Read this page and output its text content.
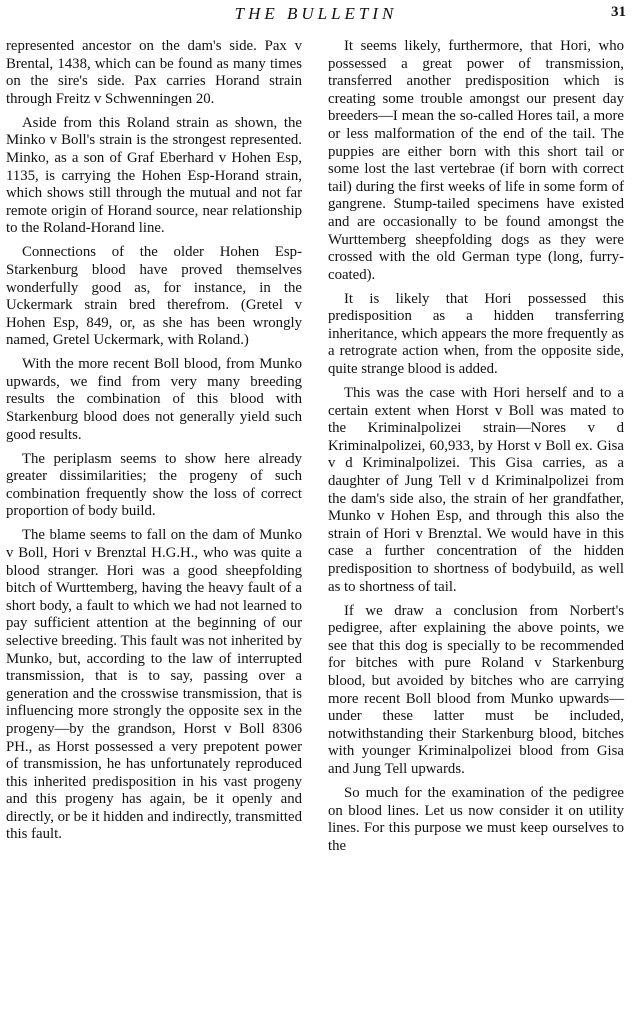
THE BULLETIN	31

represented ancestor on the dam's side. Pax v Brental, 1438, which can be found as many times on the sire's side. Pax carries Horand strain through Freitz v Schwenningen 20.

Aside from this Roland strain as shown, the Minko v Boll's strain is the strongest represented. Minko, as a son of Graf Eberhard v Hohen Esp, 1135, is carrying the Hohen Esp-Horand strain, which shows still through the mutual and not far remote origin of Horand source, near relationship to the Roland-Horand line.

Connections of the older Hohen Esp-Starkenburg blood have proved themselves wonderfully good as, for instance, in the Uckermark strain bred therefrom. (Gretel v Hohen Esp, 849, or, as she has been wrongly named, Gretel Uckermark, with Roland.)

With the more recent Boll blood, from Munko upwards, we find from very many breeding results the combination of this blood with Starkenburg blood does not generally yield such good results.

The periplasm seems to show here already greater dissimilarities; the progeny of such combination frequently show the loss of correct proportion of body build.

The blame seems to fall on the dam of Munko v Boll, Hori v Brenztal H.G.H., who was quite a blood stranger. Hori was a good sheepfolding bitch of Wurttemberg, having the heavy fault of a short body, a fault to which we had not learned to pay sufficient attention at the beginning of our selective breeding. This fault was not inherited by Munko, but, according to the law of interrupted transmission, that is to say, passing over a generation and the crosswise transmission, that is influencing more strongly the opposite sex in the progeny—by the grandson, Horst v Boll 8306 PH., as Horst possessed a very prepotent power of transmission, he has unfortunately reproduced this inherited predisposition in his vast progeny and this progeny has again, be it openly and directly, or be it hidden and indirectly, transmitted this fault.

It seems likely, furthermore, that Hori, who possessed a great power of transmission, transferred another predisposition which is creating some trouble amongst our present day breeders—I mean the so-called Hores tail, a more or less malformation of the end of the tail. The puppies are either born with this short tail or some lost the last vertebrae (if born with correct tail) during the first weeks of life in some form of gangrene. Stump-tailed specimens have existed and are occasionally to be found amongst the Wurttemberg sheepfolding dogs as they were crossed with the old German type (long, furry-coated).

It is likely that Hori possessed this predisposition as a hidden transferring inheritance, which appears the more frequently as a retrograte action when, from the opposite side, quite strange blood is added.

This was the case with Hori herself and to a certain extent when Horst v Boll was mated to the Kriminalpolizei strain—Nores v d Kriminalpolizei, 60,933, by Horst v Boll ex. Gisa v d Kriminalpolizei. This Gisa carries, as a daughter of Jung Tell v d Kriminalpolizei from the dam's side also, the strain of her grandfather, Munko v Hohen Esp, and through this also the strain of Hori v Brenztal. We would have in this case a further concentration of the hidden predisposition to shortness of bodybuild, as well as to shortness of tail.

If we draw a conclusion from Norbert's pedigree, after explaining the above points, we see that this dog is specially to be recommended for bitches with pure Roland v Starkenburg blood, but avoided by bitches who are carrying more recent Boll blood from Munko upwards—under these latter must be included, notwithstanding their Starkenburg blood, bitches with younger Kriminalpolizei blood from Gisa and Jung Tell upwards.

So much for the examination of the pedigree on blood lines. Let us now consider it on utility lines. For this purpose we must keep ourselves to the
